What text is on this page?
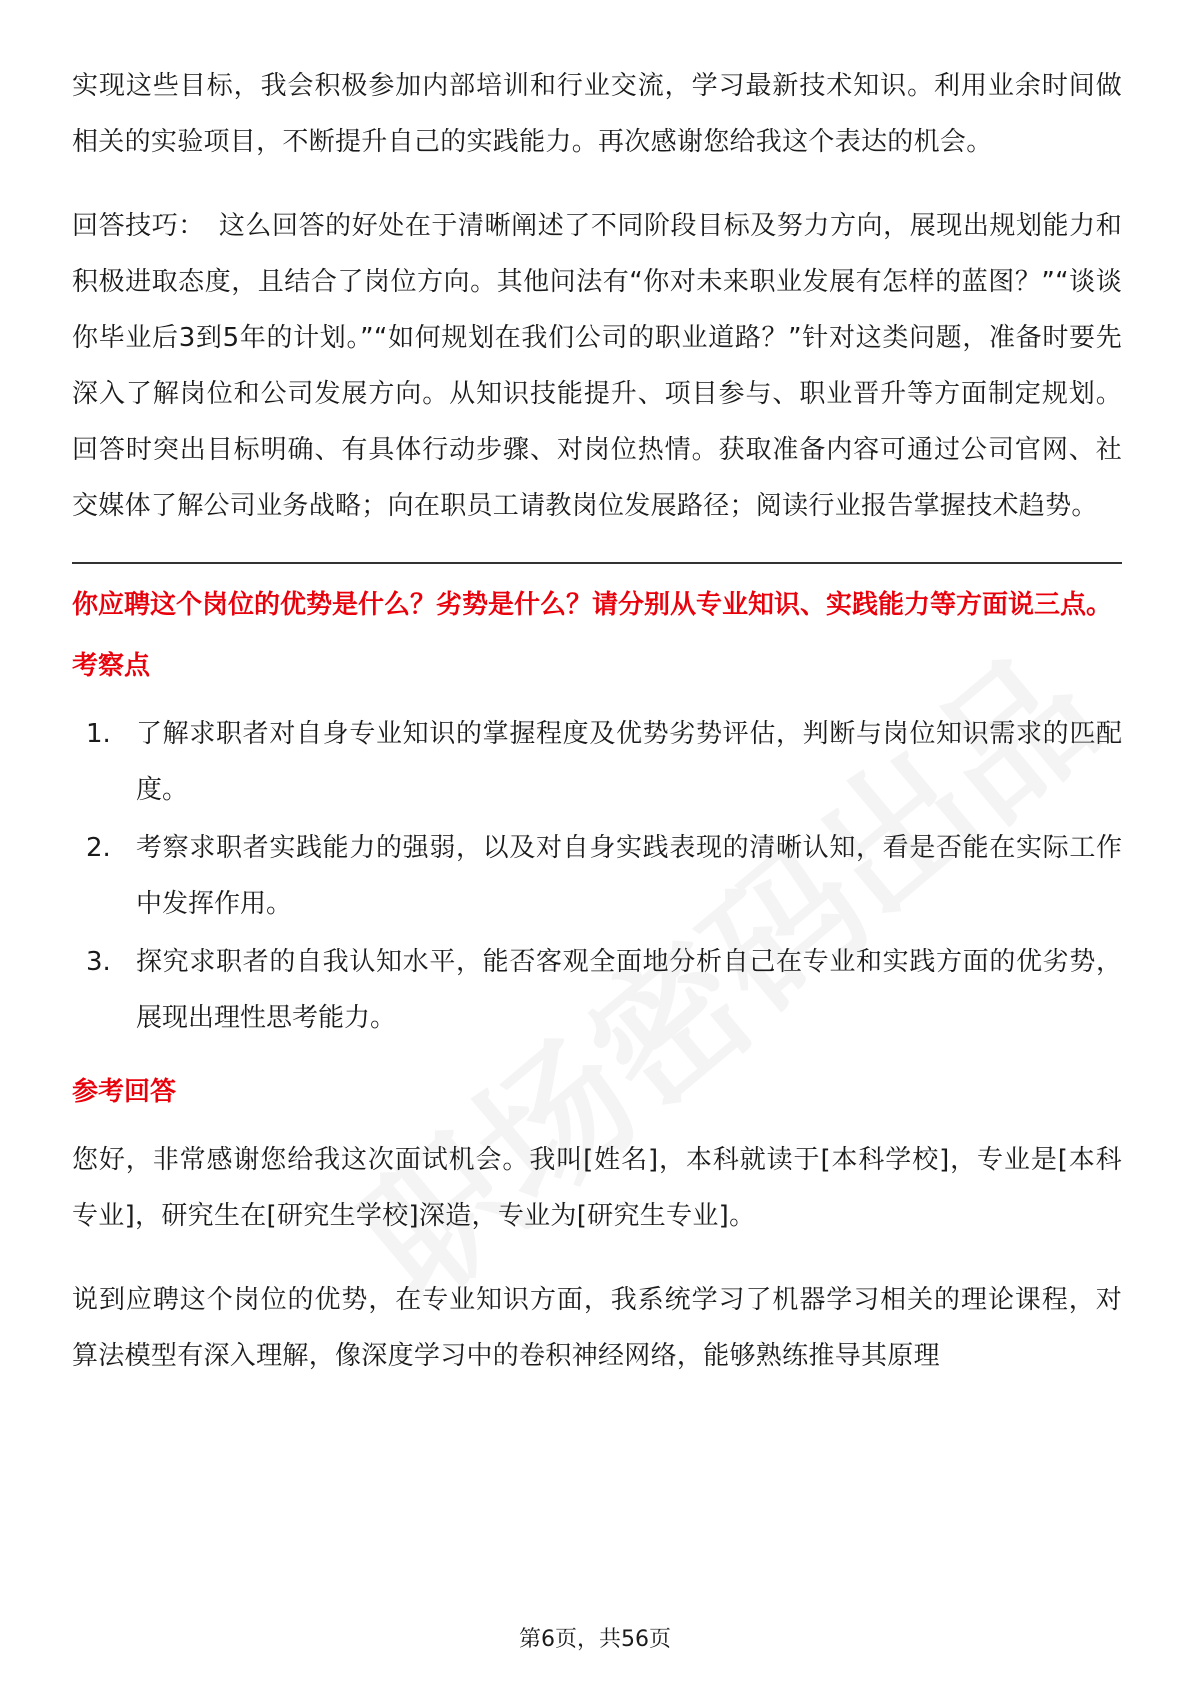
实现这些目标，我会积极参加内部培训和行业交流，学习最新技术知识。利用业余时间做相关的实验项目，不断提升自己的实践能力。再次感谢您给我这个表达的机会。

回答技巧： 这么回答的好处在于清晰阐述了不同阶段目标及努力方向，展现出规划能力和积极进取态度，且结合了岗位方向。其他问法有“你对未来职业发展有怎样的蓝图？”“谈谈你毕业后3到5年的计划。”“如何规划在我们公司的职业道路？”针对这类问题，准备时要先深入了解岗位和公司发展方向。从知识技能提升、项目参与、职业晋升等方面制定规划。回答时突出目标明确、有具体行动步骤、对岗位热情。获取准备内容可通过公司官网、社交媒体了解公司业务战略；向在职员工请教岗位发展路径；阅读行业报告掌握技术趋势。

你应聘这个岗位的优势是什么？劣势是什么？请分别从专业知识、实践能力等方面说三点。
考察点
1. 了解求职者对自身专业知识的掌握程度及优势劣势评估，判断与岗位知识需求的匹配度。
2. 考察求职者实践能力的强弱，以及对自身实践表现的清晰认知，看是否能在实际工作中发挥作用。
3. 探究求职者的自我认知水平，能否客观全面地分析自己在专业和实践方面的优劣势，展现出理性思考能力。
参考回答

您好，非常感谢您给我这次面试机会。我叫[姓名]，本科就读于[本科学校]，专业是[本科专业]，研究生在[研究生学校]深造，专业为[研究生专业]。

说到应聘这个岗位的优势，在专业知识方面，我系统学习了机器学习相关的理论课程，对算法模型有深入理解，像深度学习中的卷积神经网络，能够熟练推导其原理

第6页，共56页
